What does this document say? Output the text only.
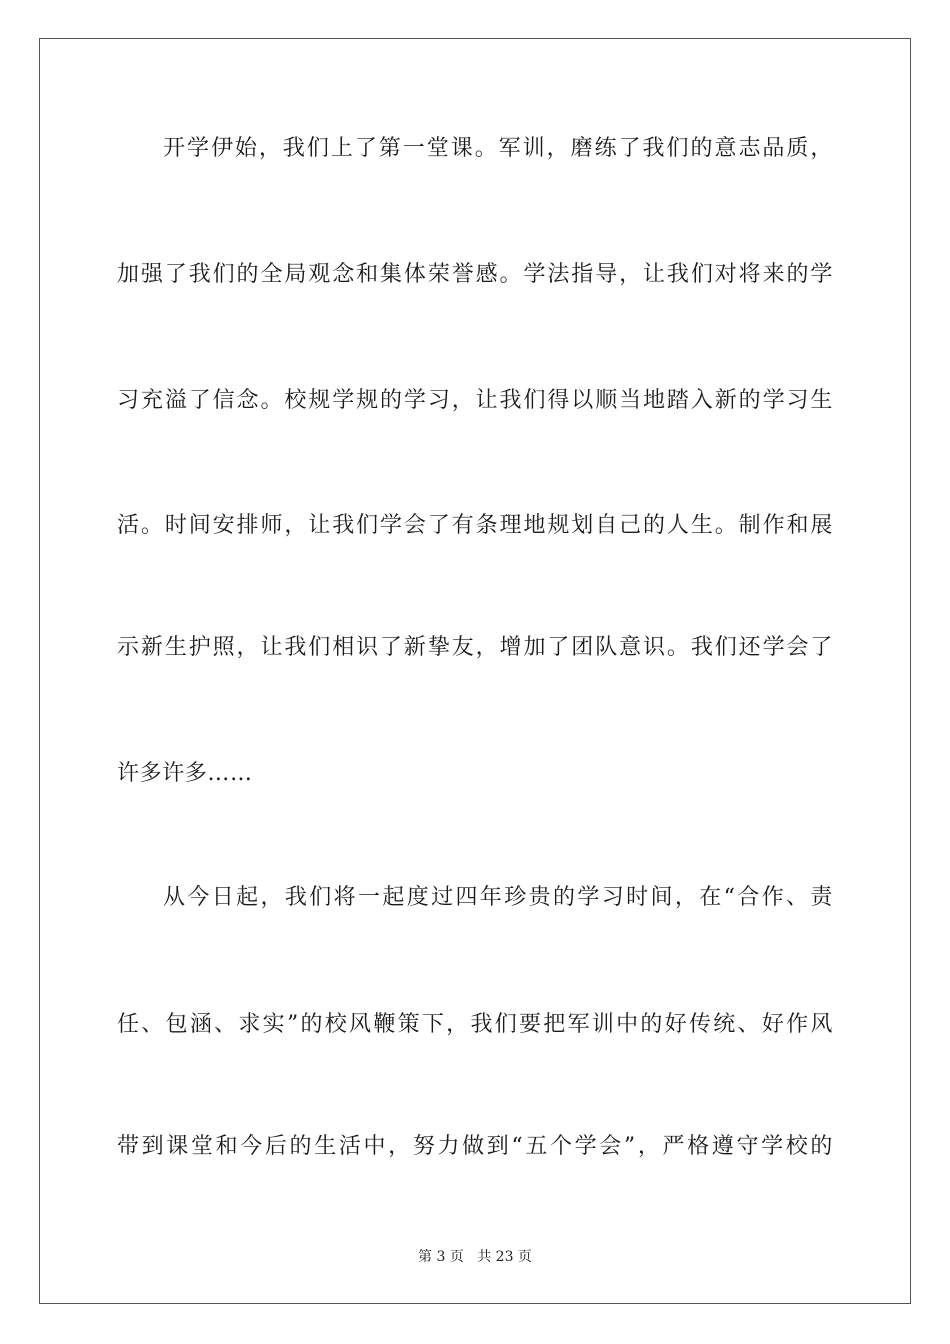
开学伊始，我们上了第一堂课。军训，磨练了我们的意志品质，
加强了我们的全局观念和集体荣誉感。学法指导，让我们对将来的学
习充溢了信念。校规学规的学习，让我们得以顺当地踏入新的学习生
活。时间安排师，让我们学会了有条理地规划自己的人生。制作和展
示新生护照，让我们相识了新挚友，增加了团队意识。我们还学会了
许多许多……
从今日起，我们将一起度过四年珍贵的学习时间，在“合作、责
任、包涵、求实”的校风鞭策下，我们要把军训中的好传统、好作风
带到课堂和今后的生活中，努力做到“五个学会”，严格遵守学校的
第 3 页 共 23 页
